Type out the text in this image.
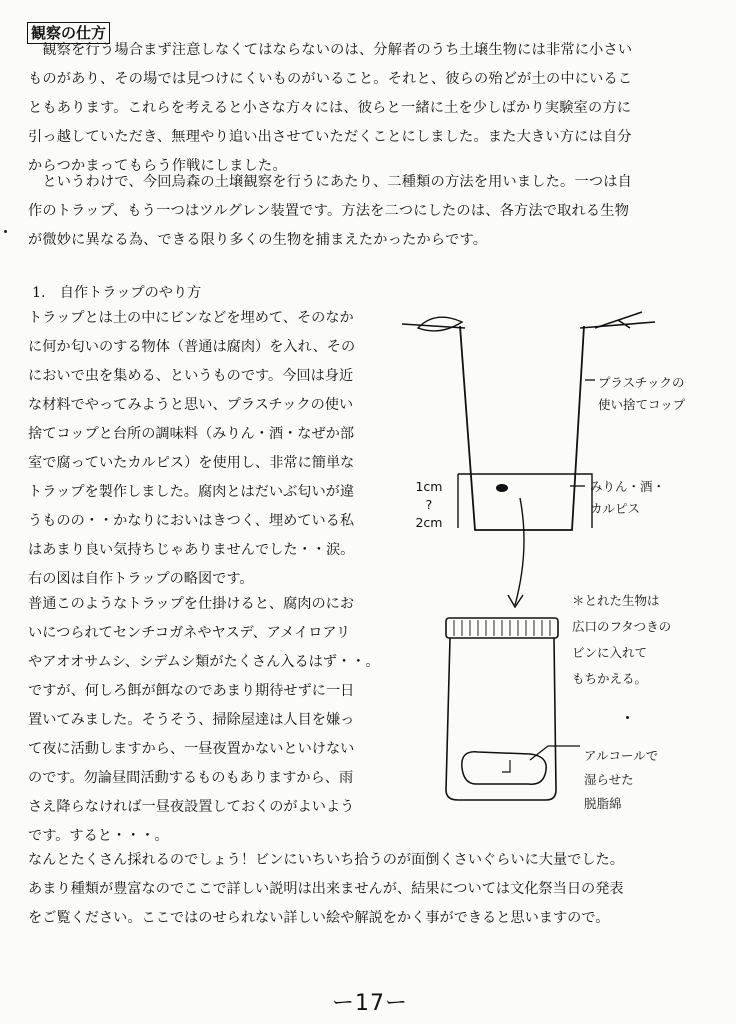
観察の仕方
　観察を行う場合まず注意しなくてはならないのは、分解者のうち土壌生物には非常に小さい
ものがあり、その場では見つけにくいものがいること。それと、彼らの殆どが土の中にいるこ
ともあります。これらを考えると小さな方々には、彼らと一緒に土を少しばかり実験室の方に
引っ越していただき、無理やり追い出させていただくことにしました。また大きい方には自分
からつかまってもらう作戦にしました。
　というわけで、今回烏森の土壌観察を行うにあたり、二種類の方法を用いました。一つは自
作のトラップ、もう一つはツルグレン装置です。方法を二つにしたのは、各方法で取れる生物
が微妙に異なる為、できる限り多くの生物を捕まえたかったからです。
1.　自作トラップのやり方
トラップとは土の中にビンなどを埋めて、そのなか
に何か匂いのする物体（普通は腐肉）を入れ、その
においで虫を集める、というものです。今回は身近
な材料でやってみようと思い、プラスチックの使い
捨てコップと台所の調味料（みりん・酒・なぜか部
室で腐っていたカルピス）を使用し、非常に簡単な
トラップを製作しました。腐肉とはだいぶ匂いが違
うものの・・かなりにおいはきつく、埋めている私
はあまり良い気持ちじゃありませんでした・・涙。
右の図は自作トラップの略図です。
普通このようなトラップを仕掛けると、腐肉のにお
いにつられてセンチコガネやヤスデ、アメイロアリ
やアオオサムシ、シデムシ類がたくさん入るはず・・。
ですが、何しろ餌が餌なのであまり期待せずに一日
置いてみました。そうそう、掃除屋達は人目を嫌っ
て夜に活動しますから、一昼夜置かないといけない
のです。勿論昼間活動するものもありますから、雨
さえ降らなければ一昼夜設置しておくのがよいよう
です。すると・・・。
プラスチックの
使い捨てコップ
みりん・酒・
カルピス
1cm
?
2cm
＊とれた生物は
広口のフタつきの
ビンに入れて
もちかえる。
アルコールで
湿らせた
脱脂綿
なんとたくさん採れるのでしょう！ビンにいちいち拾うのが面倒くさいぐらいに大量でした。
あまり種類が豊富なのでここで詳しい説明は出来ませんが、結果については文化祭当日の発表
をご覧ください。ここではのせられない詳しい絵や解説をかく事ができると思いますので。
ー17ー
